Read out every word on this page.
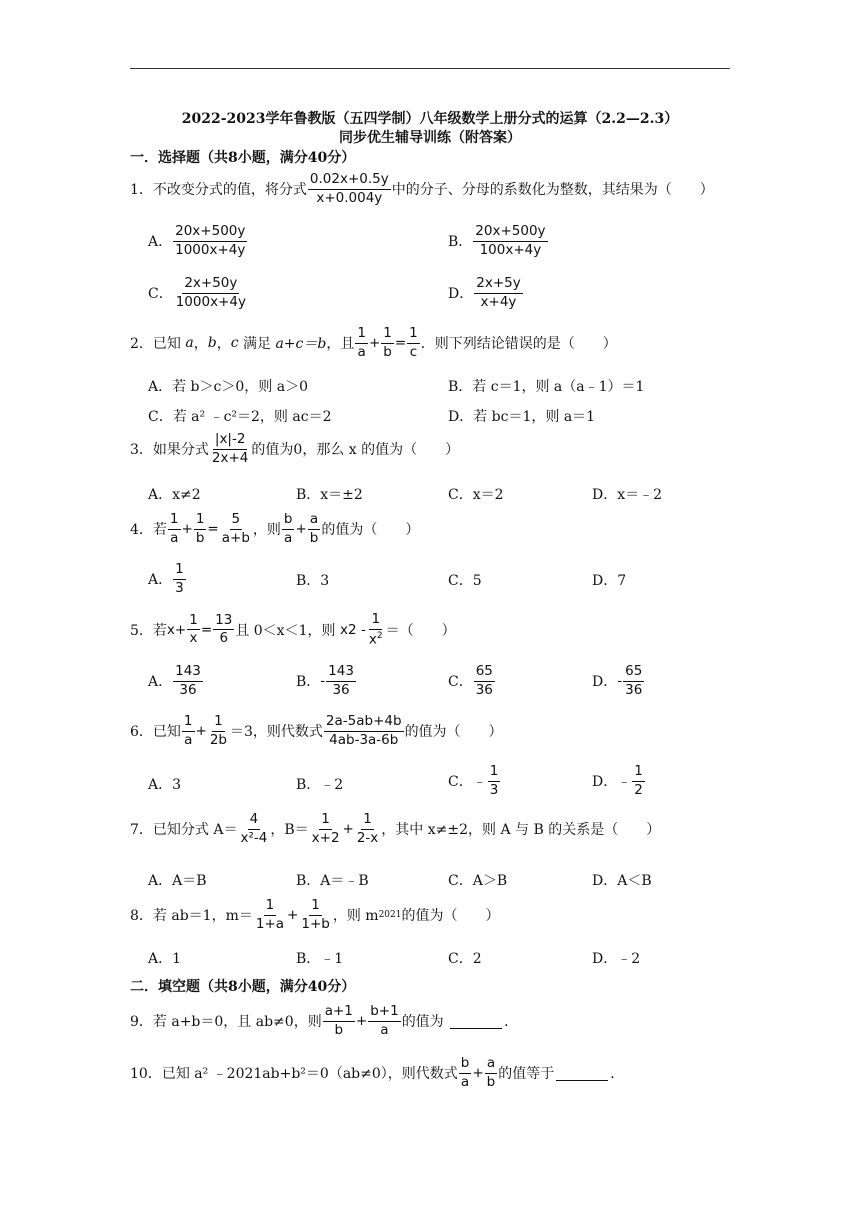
2022-2023学年鲁教版（五四学制）八年级数学上册分式的运算（2.2—2.3）
同步优生辅导训练（附答案）
一．选择题（共8小题，满分40分）
1．不改变分式的值，将分式 $\frac{0.02x+0.5y}{x+0.004y}$ 中的分子、分母的系数化为整数，其结果为（　　）
A． $\frac{20x+500y}{1000x+4y}$	B． $\frac{20x+500y}{100x+4y}$
C． $\frac{2x+50y}{1000x+4y}$	D． $\frac{2x+5y}{x+4y}$
2．已知
a ， b ， c
满足
a+c＝b ，且 $\frac{1}{a} + \frac{1}{b} = \frac{1}{c}$ ．则下列结论错误的是（　　）
A．若 b＞c＞0，则 a＞0	B．若 c＝1，则 a（a﹣1）＝1
C．若 a² ﹣c²＝2，则 ac＝2	D．若 bc＝1，则 a＝1
3．如果分式 $\frac{|x|-2}{2x+4}$ 的值为0，那么 x 的值为（　　）
A．x≠2	B．x＝±2	C．x＝2	D．x＝﹣2
4．若 $\frac{1}{a} + \frac{1}{b} = \frac{5}{a+b}$ ，则 $\frac{b}{a} + \frac{a}{b}$ 的值为（　　）
A． $\frac{1}{3}$	B．3	C．5	D．7
5．若 $x + \frac{1}{x} = \frac{13}{6}$ 且 0＜x＜1，则
x 2
- $\frac{1}{x^2}$ ＝（　　）
A． $\frac{143}{36}$	B． - $\frac{143}{36}$	C． $\frac{65}{36}$	D． - $\frac{65}{36}$
6．已知 $\frac{1}{a} + \frac{1}{2b} =3$，则代数式 $\frac{2a-5ab+4b}{4ab-3a-6b}$ 的值为（　　）
A．3	B．﹣2	C．﹣ $\frac{1}{3}$	D．﹣ $\frac{1}{2}$
7．已知分式 $A= \frac{4}{\text{x²-4}}$ ，$B= \frac{1}{x+2} + \frac{1}{2-x}$ ，其中 x≠±2，则 A 与 B 的关系是（　　）
A．A＝B	B．A＝﹣B	C．A＞B	D．A＜B
8．若 ab＝1，$m= \frac{1}{1+a} + \frac{1}{1+b}$ ，则 m 2021 的值为（　　）
A．1	B．﹣1	C．2	D．﹣2
二．填空题（共8小题，满分40分）
9．若 a+b＝0，且 ab≠0，则 $\frac{a+1}{b} + \frac{b+1}{a}$ 的值为
	．
10．已知 a² ﹣2021ab+b²＝0（ab≠0），则代数式 $\frac{b}{a} + \frac{a}{b}$ 的值等于	．
